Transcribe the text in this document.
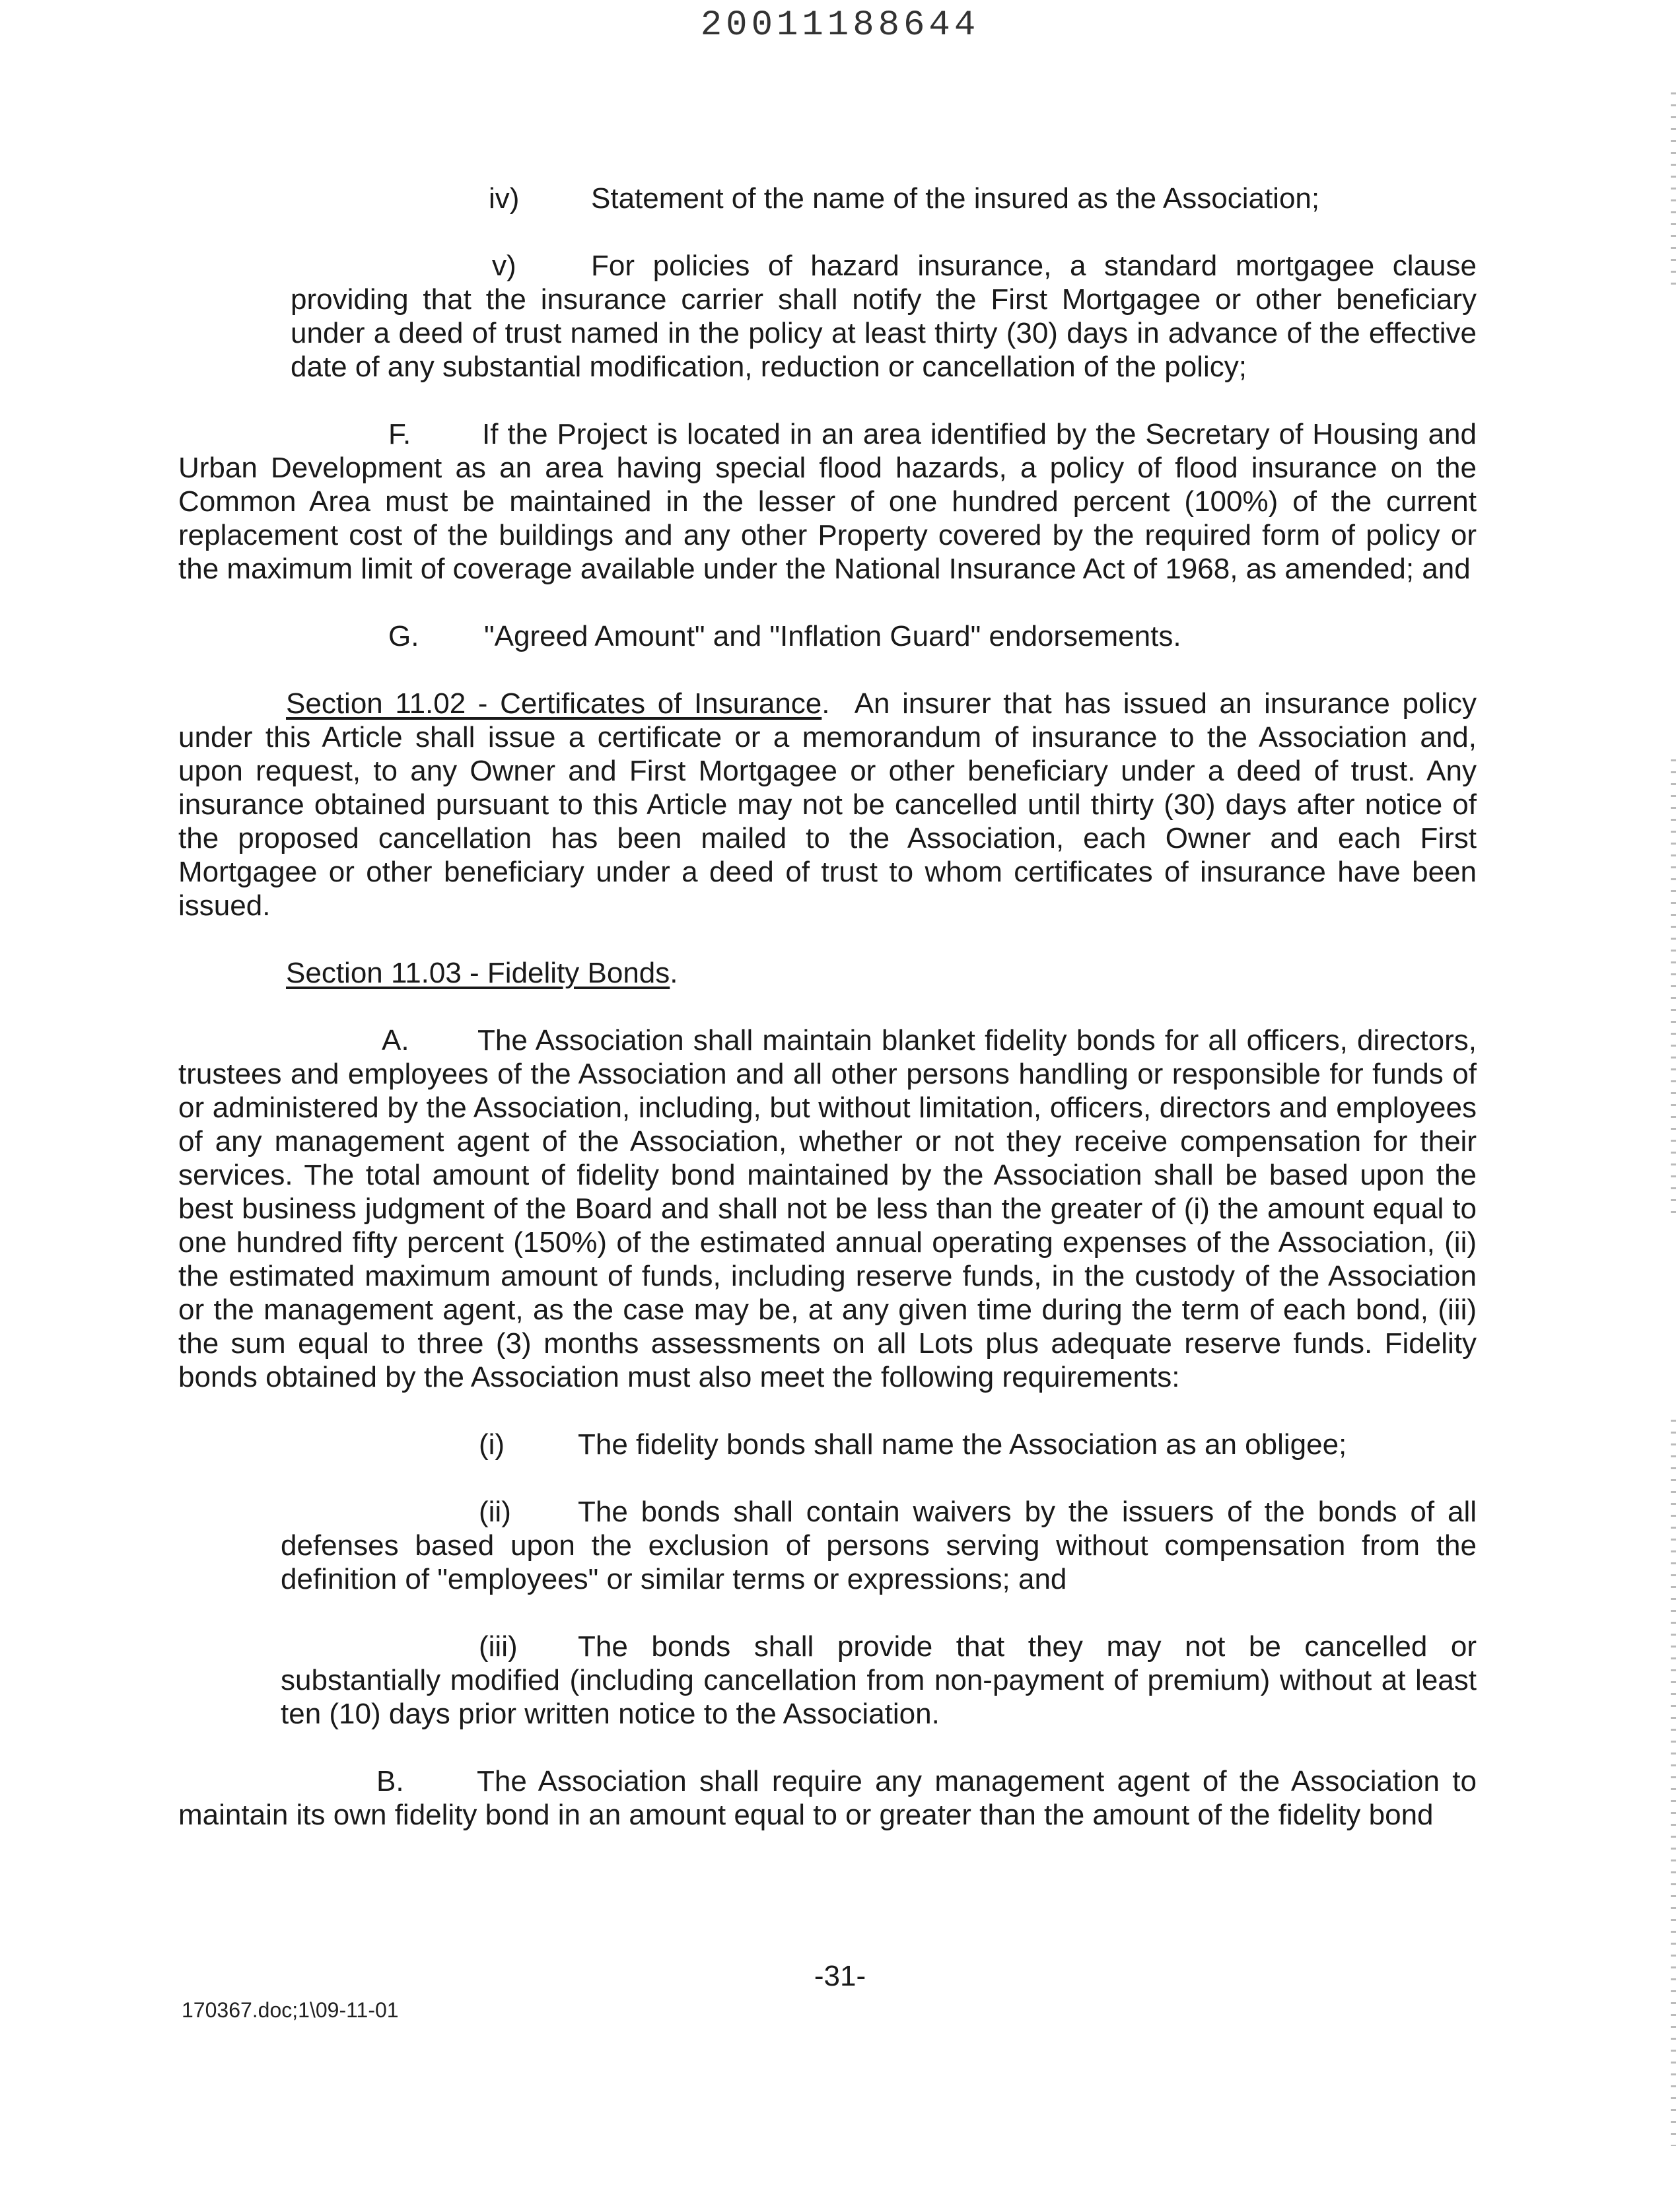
20011188644

iv) Statement of the name of the insured as the Association;

v)	For policies of hazard insurance, a standard mortgagee clause providing that the insurance carrier shall notify the First Mortgagee or other beneficiary under a deed of trust named in the policy at least thirty (30) days in advance of the effective date of any substantial modification, reduction or cancellation of the policy;

F. If the Project is located in an area identified by the Secretary of Housing and Urban Development as an area having special flood hazards, a policy of flood insurance on the Common Area must be maintained in the lesser of one hundred percent (100%) of the current replacement cost of the buildings and any other Property covered by the required form of policy or the maximum limit of coverage available under the National Insurance Act of 1968, as amended; and

G. "Agreed Amount" and "Inflation Guard" endorsements.

Section 11.02 - Certificates of Insurance.  An insurer that has issued an insurance policy under this Article shall issue a certificate or a memorandum of insurance to the Association and, upon request, to any Owner and First Mortgagee or other beneficiary under a deed of trust. Any insurance obtained pursuant to this Article may not be cancelled until thirty (30) days after notice of the proposed cancellation has been mailed to the Association, each Owner and each First Mortgagee or other beneficiary under a deed of trust to whom certificates of insurance have been issued.

Section 11.03 - Fidelity Bonds.

A. The Association shall maintain blanket fidelity bonds for all officers, directors, trustees and employees of the Association and all other persons handling or responsible for funds of or administered by the Association, including, but without limitation, officers, directors and employees of any management agent of the Association, whether or not they receive compensation for their services. The total amount of fidelity bond maintained by the Association shall be based upon the best business judgment of the Board and shall not be less than the greater of (i) the amount equal to one hundred fifty percent (150%) of the estimated annual operating expenses of the Association, (ii) the estimated maximum amount of funds, including reserve funds, in the custody of the Association or the management agent, as the case may be, at any given time during the term of each bond, (iii) the sum equal to three (3) months assessments on all Lots plus adequate reserve funds. Fidelity bonds obtained by the Association must also meet the following requirements:

(i)	The fidelity bonds shall name the Association as an obligee;

(ii) The bonds shall contain waivers by the issuers of the bonds of all defenses based upon the exclusion of persons serving without compensation from the definition of "employees" or similar terms or expressions; and

(iii) The bonds shall provide that they may not be cancelled or substantially modified (including cancellation from non-payment of premium) without at least ten (10) days prior written notice to the Association.

B.	The Association shall require any management agent of the Association to maintain its own fidelity bond in an amount equal to or greater than the amount of the fidelity bond

-31-
170367.doc;1\09-11-01
